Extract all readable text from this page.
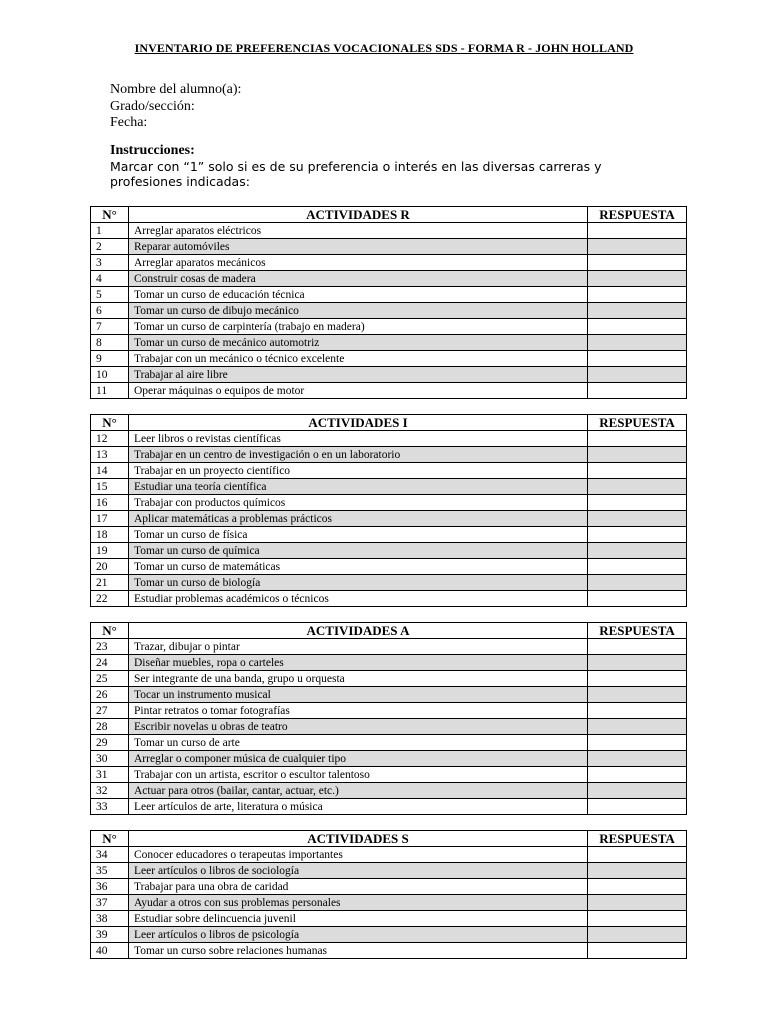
INVENTARIO DE PREFERENCIAS VOCACIONALES SDS - FORMA R - JOHN HOLLAND
Nombre del alumno(a):
Grado/sección:
Fecha:
Instrucciones:
Marcar con “1” solo si es de su preferencia o interés en las diversas carreras y profesiones indicadas:
N°	ACTIVIDADES R	RESPUESTA
1	Arreglar aparatos eléctricos	
2	Reparar automóviles	
3	Arreglar aparatos mecánicos	
4	Construir cosas de madera	
5	Tomar un curso de educación técnica	
6	Tomar un curso de dibujo mecánico	
7	Tomar un curso de carpintería (trabajo en madera)	
8	Tomar un curso de mecánico automotriz	
9	Trabajar con un mecánico o técnico excelente	
10	Trabajar al aire libre	
11	Operar máquinas o equipos de motor	
N°	ACTIVIDADES I	RESPUESTA
12	Leer libros o revistas científicas	
13	Trabajar en un centro de investigación o en un laboratorio	
14	Trabajar en un proyecto científico	
15	Estudiar una teoría científica	
16	Trabajar con productos químicos	
17	Aplicar matemáticas a problemas prácticos	
18	Tomar un curso de física	
19	Tomar un curso de química	
20	Tomar un curso de matemáticas	
21	Tomar un curso de biología	
22	Estudiar problemas académicos o técnicos	
N°	ACTIVIDADES A	RESPUESTA
23	Trazar, dibujar o pintar	
24	Diseñar muebles, ropa o carteles	
25	Ser integrante de una banda, grupo u orquesta	
26	Tocar un instrumento musical	
27	Pintar retratos o tomar fotografías	
28	Escribir novelas u obras de teatro	
29	Tomar un curso de arte	
30	Arreglar o componer música de cualquier tipo	
31	Trabajar con un artista, escritor o escultor talentoso	
32	Actuar para otros (bailar, cantar, actuar, etc.)	
33	Leer artículos de arte, literatura o música	
N°	ACTIVIDADES S	RESPUESTA
34	Conocer educadores o terapeutas importantes	
35	Leer artículos o libros de sociología	
36	Trabajar para una obra de caridad	
37	Ayudar a otros con sus problemas personales	
38	Estudiar sobre delincuencia juvenil	
39	Leer artículos o libros de psicología	
40	Tomar un curso sobre relaciones humanas	
